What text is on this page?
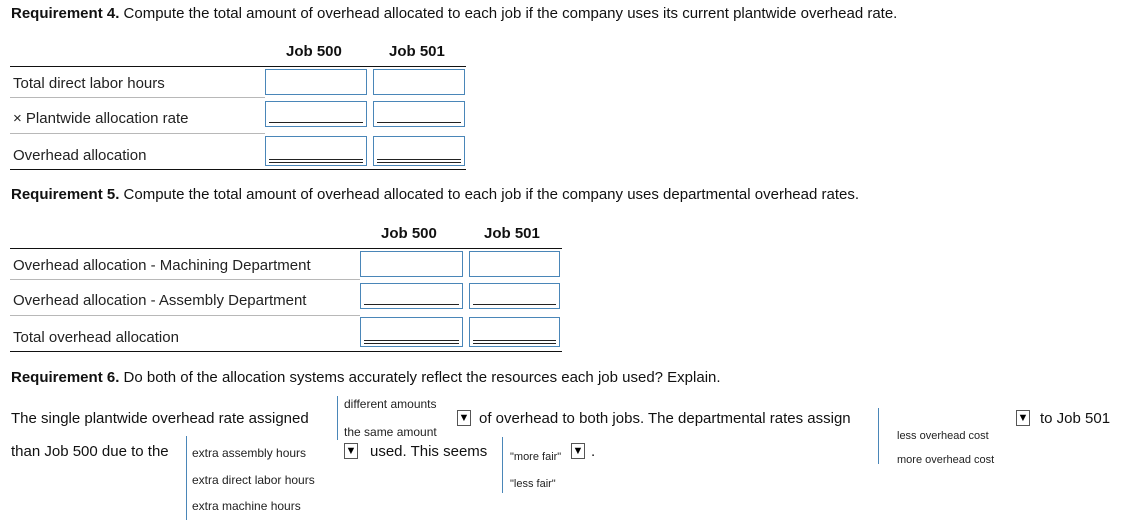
Requirement 4. Compute the total amount of overhead allocated to each job if the company uses its current plantwide overhead rate.
Job 500	Job 501
Total direct labor hours
× Plantwide allocation rate
Overhead allocation
Requirement 5. Compute the total amount of overhead allocated to each job if the company uses departmental overhead rates.
Job 500	Job 501
Overhead allocation - Machining Department
Overhead allocation - Assembly Department
Total overhead allocation
Requirement 6. Do both of the allocation systems accurately reflect the resources each job used? Explain.
The single plantwide overhead rate assigned
different amounts
the same amount
▼ of overhead to both jobs. The departmental rates assign
less overhead cost
more overhead cost
▼ to Job 501
than Job 500 due to the extra assembly hours
extra direct labor hours
extra machine hours
▼ used. This seems "more fair"
"less fair"
▼ .
